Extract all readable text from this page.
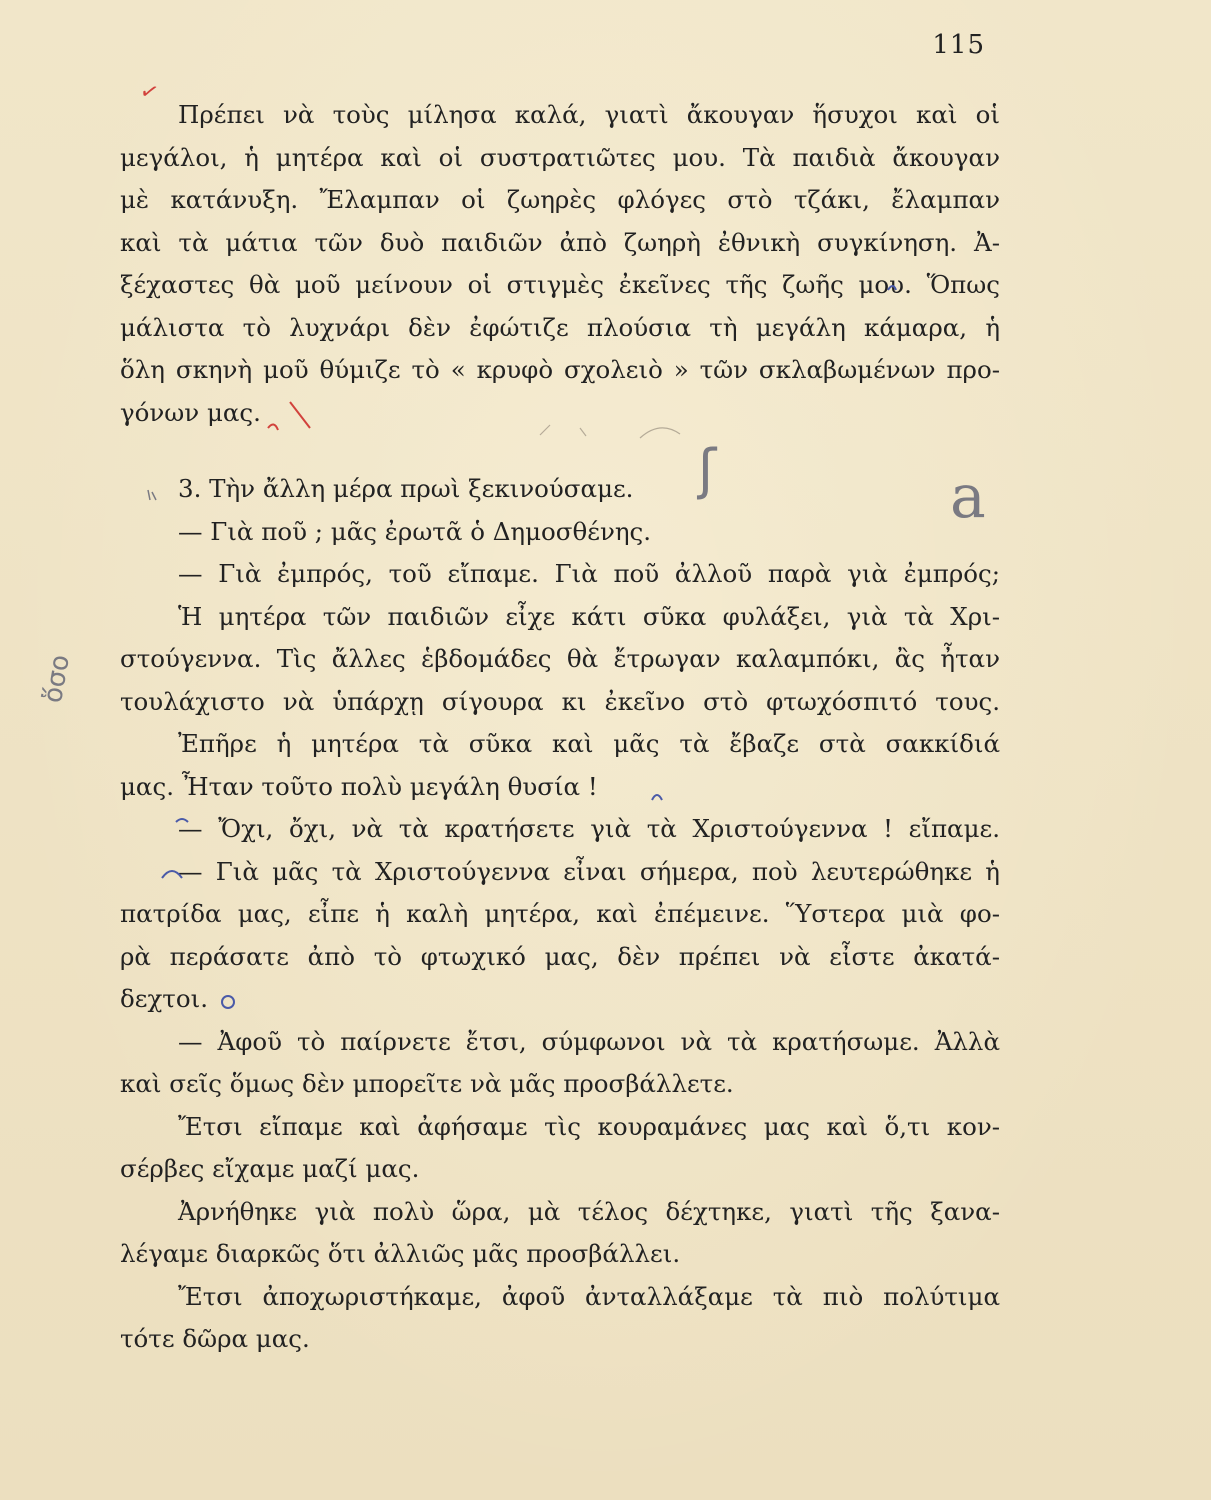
115
Πρέπει νὰ τοὺς μίλησα καλά, γιατὶ ἄκουγαν ἥσυχοι καὶ οἱ
μεγάλοι, ἡ μητέρα καὶ οἱ συστρατιῶτες μου. Τὰ παιδιὰ ἄκουγαν
μὲ κατάνυξη. Ἔλαμπαν οἱ ζωηρὲς φλόγες στὸ τζάκι, ἔλαμπαν
καὶ τὰ μάτια τῶν δυὸ παιδιῶν ἀπὸ ζωηρὴ ἐθνικὴ συγκίνηση. Ἀ-
ξέχαστες θὰ μοῦ μείνουν οἱ στιγμὲς ἐκεῖνες τῆς ζωῆς μου. Ὅπως
μάλιστα τὸ λυχνάρι δὲν ἐφώτιζε πλούσια τὴ μεγάλη κάμαρα, ἡ
ὅλη σκηνὴ μοῦ θύμιζε τὸ « κρυφὸ σχολειὸ » τῶν σκλαβωμένων προ-
γόνων μας.
3. Τὴν ἄλλη μέρα πρωὶ ξεκινούσαμε.
— Γιὰ ποῦ ; μᾶς ἐρωτᾶ ὁ Δημοσθένης.
— Γιὰ ἐμπρός, τοῦ εἴπαμε. Γιὰ ποῦ ἀλλοῦ παρὰ γιὰ ἐμπρός;
Ἡ μητέρα τῶν παιδιῶν εἶχε κάτι σῦκα φυλάξει, γιὰ τὰ Χρι-
στούγεννα. Τὶς ἄλλες ἑβδομάδες θὰ ἔτρωγαν καλαμπόκι, ἂς ἦταν
τουλάχιστο νὰ ὑπάρχῃ σίγουρα κι ἐκεῖνο στὸ φτωχόσπιτό τους.
Ἐπῆρε ἡ μητέρα τὰ σῦκα καὶ μᾶς τὰ ἔβαζε στὰ σακκίδιά
μας. Ἦταν τοῦτο πολὺ μεγάλη θυσία !
— Ὄχι, ὄχι, νὰ τὰ κρατήσετε γιὰ τὰ Χριστούγεννα ! εἴπαμε.
— Γιὰ μᾶς τὰ Χριστούγεννα εἶναι σήμερα, ποὺ λευτερώθηκε ἡ
πατρίδα μας, εἶπε ἡ καλὴ μητέρα, καὶ ἐπέμεινε. Ὕστερα μιὰ φο-
ρὰ περάσατε ἀπὸ τὸ φτωχικό μας, δὲν πρέπει νὰ εἶστε ἀκατά-
δεχτοι.
— Ἀφοῦ τὸ παίρνετε ἔτσι, σύμφωνοι νὰ τὰ κρατήσωμε. Ἀλλὰ
καὶ σεῖς ὅμως δὲν μπορεῖτε νὰ μᾶς προσβάλλετε.
Ἔτσι εἴπαμε καὶ ἀφήσαμε τὶς κουραμάνες μας καὶ ὅ,τι κον-
σέρβες εἴχαμε μαζί μας.
Ἀρνήθηκε γιὰ πολὺ ὥρα, μὰ τέλος δέχτηκε, γιατὶ τῆς ξανα-
λέγαμε διαρκῶς ὅτι ἀλλιῶς μᾶς προσβάλλει.
Ἔτσι ἀποχωριστήκαμε, ἀφοῦ ἀνταλλάξαμε τὰ πιὸ πολύτιμα
τότε δῶρα μας.
✓
ʃ	a
ὅσο
